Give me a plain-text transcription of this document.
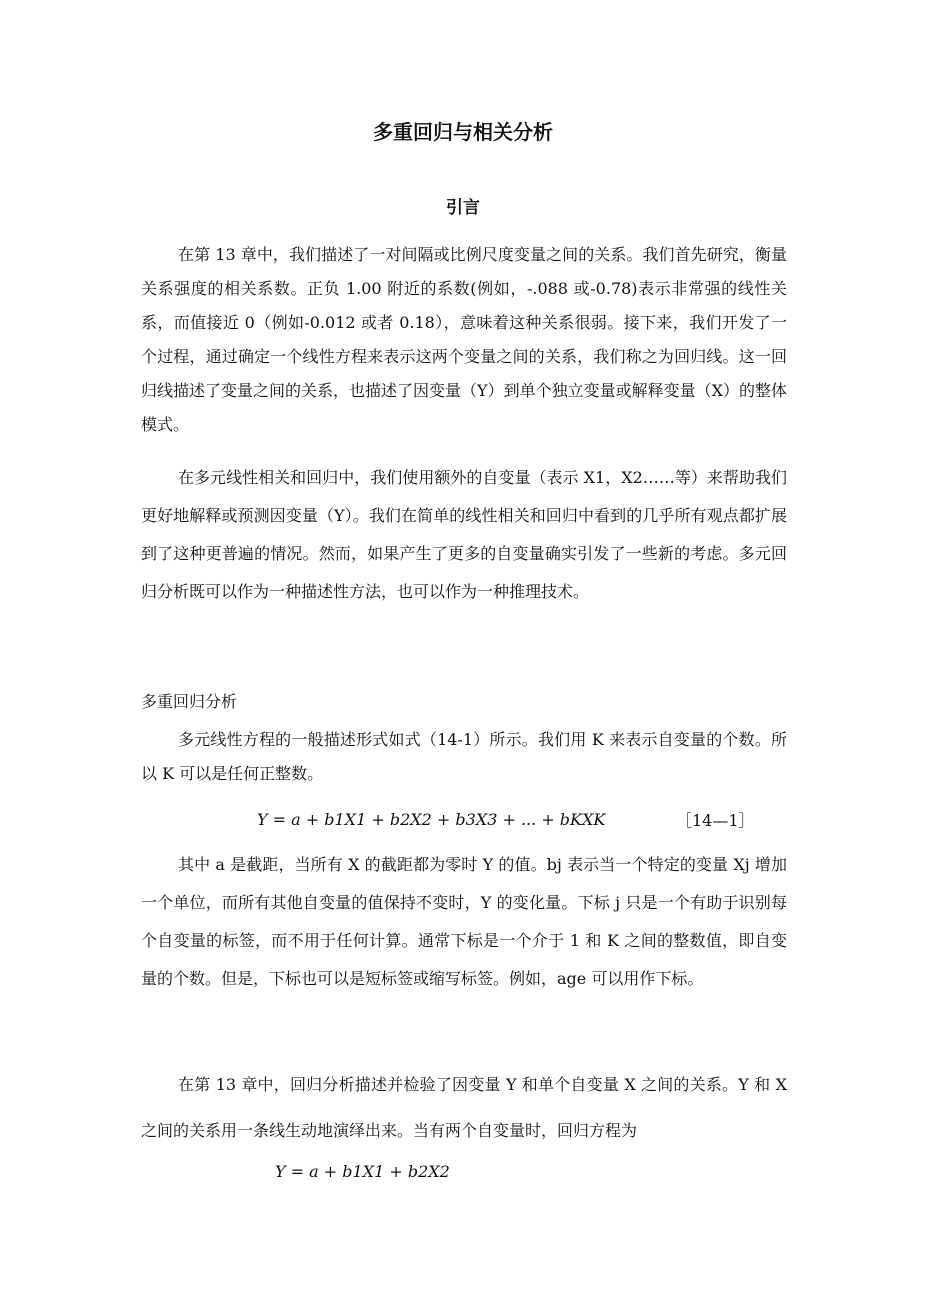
多重回归与相关分析
引言

在第 13 章中，我们描述了一对间隔或比例尺度变量之间的关系。我们首先研究，衡量关系强度的相关系数。正负 1.00 附近的系数(例如，-.088 或-0.78)表示非常强的线性关系，而值接近 0（例如-0.012 或者 0.18），意味着这种关系很弱。接下来，我们开发了一个过程，通过确定一个线性方程来表示这两个变量之间的关系，我们称之为回归线。这一回归线描述了变量之间的关系，也描述了因变量（Y）到单个独立变量或解释变量（X）的整体模式。

在多元线性相关和回归中，我们使用额外的自变量（表示 X1，X2……等）来帮助我们更好地解释或预测因变量（Y）。我们在简单的线性相关和回归中看到的几乎所有观点都扩展到了这种更普遍的情况。然而，如果产生了更多的自变量确实引发了一些新的考虑。多元回归分析既可以作为一种描述性方法，也可以作为一种推理技术。

多重回归分析

多元线性方程的一般描述形式如式（14-1）所示。我们用 K 来表示自变量的个数。所以 K 可以是任何正整数。

Y = a + b1X1 + b2X2 + b3X3 + ... + bKXK	［14—1］

其中 a 是截距，当所有 X 的截距都为零时 Y 的值。bj 表示当一个特定的变量 Xj 增加一个单位，而所有其他自变量的值保持不变时，Y 的变化量。下标 j 只是一个有助于识别每个自变量的标签，而不用于任何计算。通常下标是一个介于 1 和 K 之间的整数值，即自变量的个数。但是，下标也可以是短标签或缩写标签。例如，age 可以用作下标。

在第 13 章中，回归分析描述并检验了因变量 Y 和单个自变量 X 之间的关系。Y 和 X 之间的关系用一条线生动地演绎出来。当有两个自变量时，回归方程为

Y = a + b1X1 + b2X2
